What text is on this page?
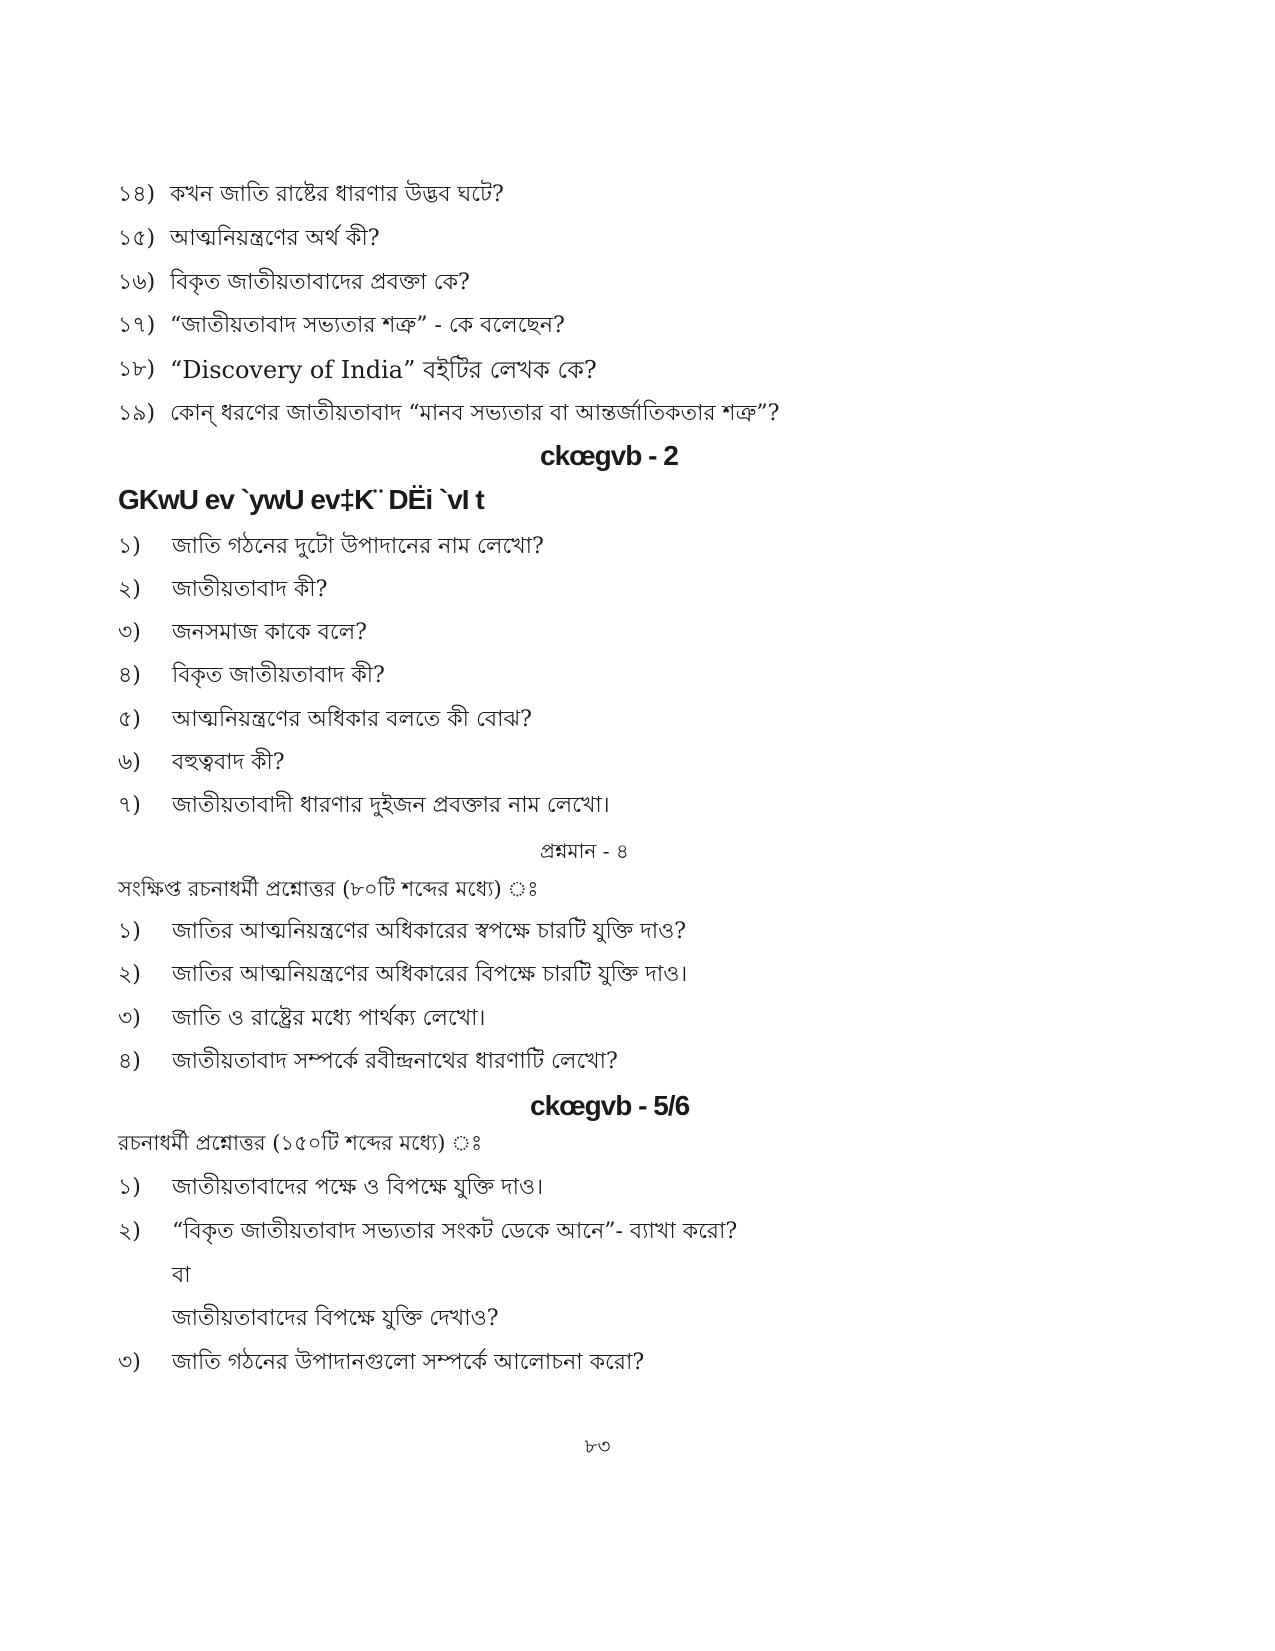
১৪) কখন জাতি রাষ্টের ধারণার উদ্ভব ঘটে?
১৫) আত্মনিয়ন্ত্রণের অর্থ কী?
১৬) বিকৃত জাতীয়তাবাদের প্রবক্তা কে?
১৭) “জাতীয়তাবাদ সভ্যতার শত্রু” - কে বলেছেন?
১৮) “Discovery of India” বইটির লেখক কে?
১৯) কোন্ ধরণের জাতীয়তাবাদ “মানব সভ্যতার বা আন্তর্জাতিকতার শত্রু”?
ckœgvb - 2
GKwU ev `ywU ev‡K¨ DËi `vI t
১)	জাতি গঠনের দুটো উপাদানের নাম লেখো?
২)	জাতীয়তাবাদ কী?
৩)	জনসমাজ কাকে বলে?
৪)	বিকৃত জাতীয়তাবাদ কী?
৫)	আত্মনিয়ন্ত্রণের অধিকার বলতে কী বোঝ?
৬)	বহুত্ববাদ কী?
৭)	জাতীয়তাবাদী ধারণার দুইজন প্রবক্তার নাম লেখো।
প্রশ্নমান - ৪
সংক্ষিপ্ত রচনাধর্মী প্রশ্নোত্তর (৮০টি শব্দের মধ্যে) ঃ
১)	জাতির আত্মনিয়ন্ত্রণের অধিকারের স্বপক্ষে চারটি যুক্তি দাও?
২)	জাতির আত্মনিয়ন্ত্রণের অধিকারের বিপক্ষে চারটি যুক্তি দাও।
৩)	জাতি ও রাষ্ট্রের মধ্যে পার্থক্য লেখো।
৪)	জাতীয়তাবাদ সম্পর্কে রবীন্দ্রনাথের ধারণাটি লেখো?
ckœgvb - 5/6
রচনাধর্মী প্রশ্নোত্তর (১৫০টি শব্দের মধ্যে) ঃ
১)	জাতীয়তাবাদের পক্ষে ও বিপক্ষে যুক্তি দাও।
২)	“বিকৃত জাতীয়তাবাদ সভ্যতার সংকট ডেকে আনে”- ব্যাখা করো?
বা
জাতীয়তাবাদের বিপক্ষে যুক্তি দেখাও?
৩)	জাতি গঠনের উপাদানগুলো সম্পর্কে আলোচনা করো?
৮৩
